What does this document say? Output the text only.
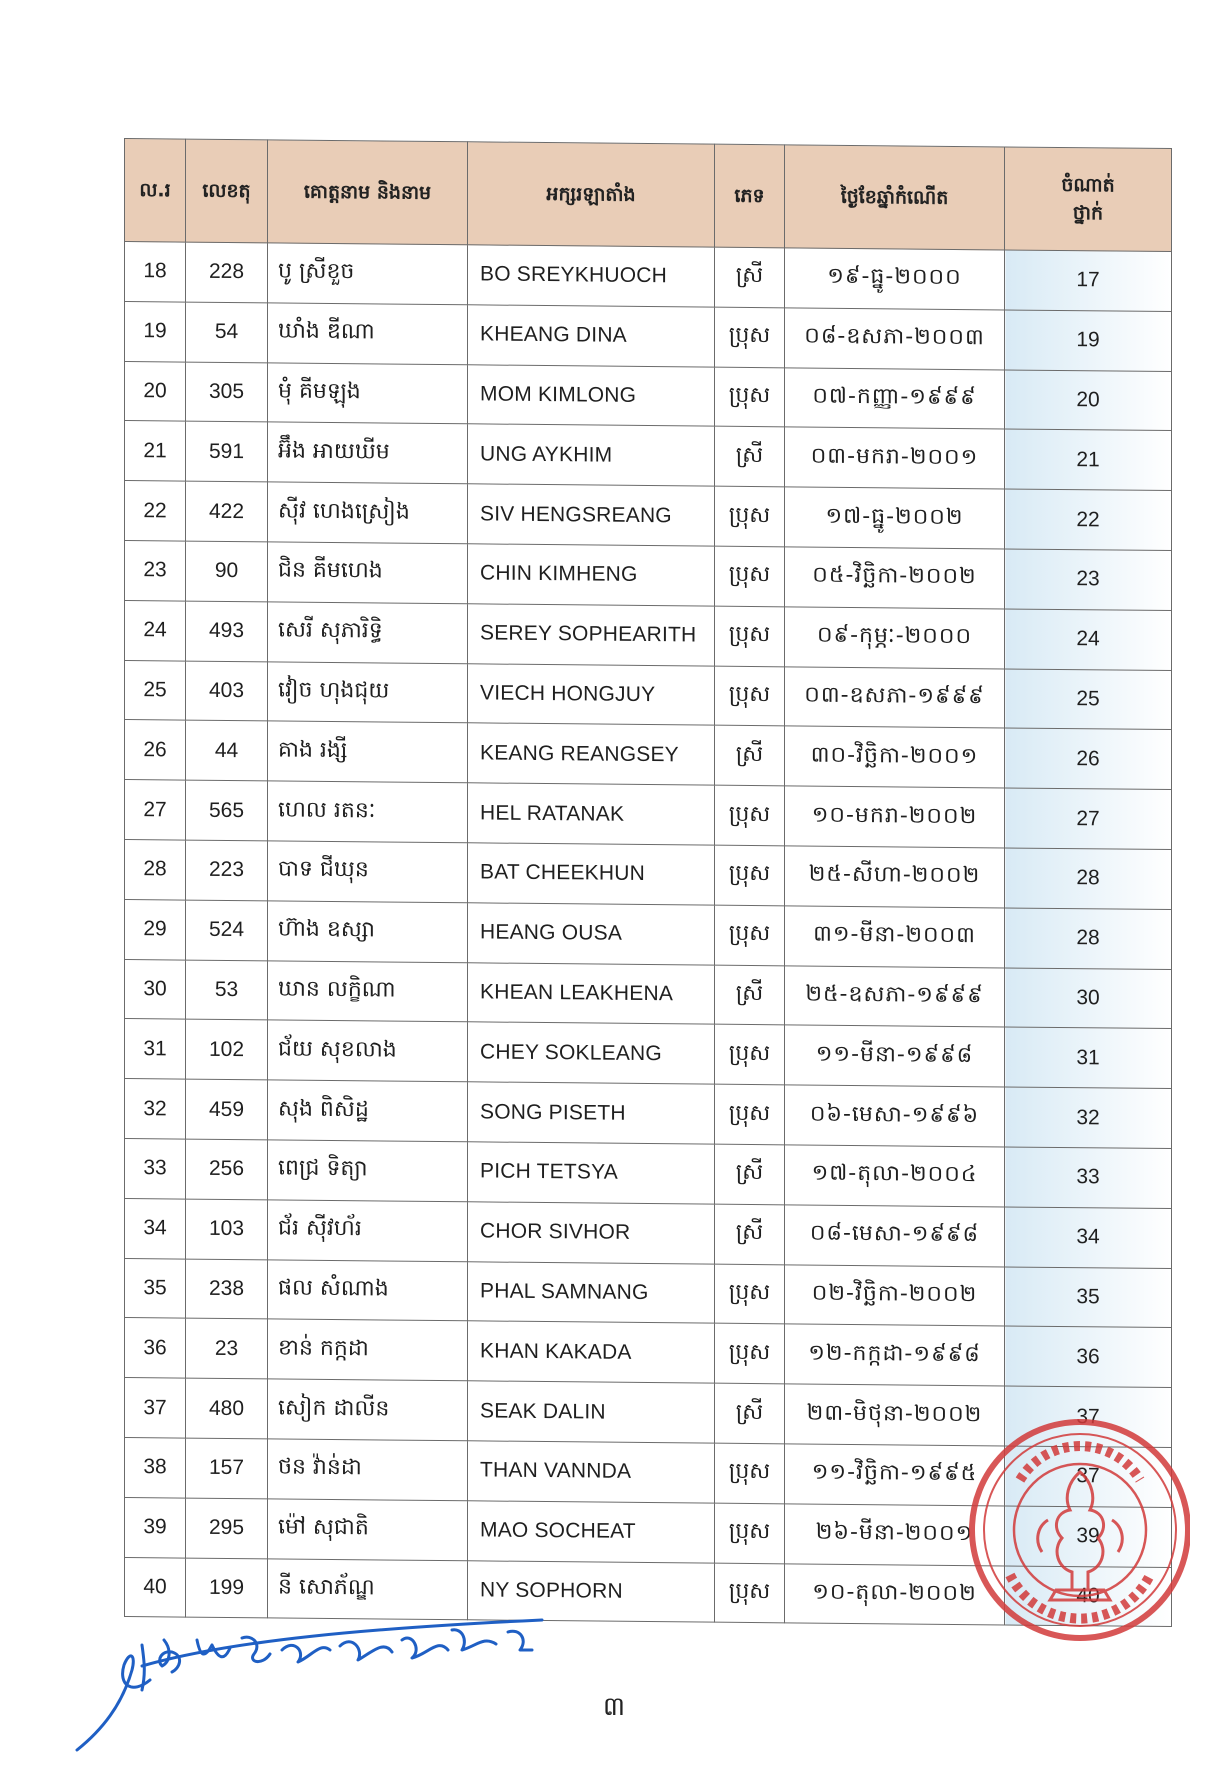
ល.រ	លេខតុ	គោត្តនាម និងនាម	អក្សរឡាតាំង	ភេទ	ថ្ងៃខែឆ្នាំកំណើត	ចំណាត់
ថ្នាក់

18	228	បូ ស្រីខួច	BO SREYKHUOCH	ស្រី	១៩-ធ្នូ-២០០០	17
19	54	ឃាំង ឌីណា	KHEANG DINA	ប្រុស	០៨-ឧសភា-២០០៣	19
20	305	មុំ គីមឡុង	MOM KIMLONG	ប្រុស	០៧-កញ្ញា-១៩៩៩	20
21	591	អ៊ឹង អាយឃីម	UNG AYKHIM	ស្រី	០៣-មករា-២០០១	21
22	422	ស៊ីវ ហេងស្រៀង	SIV HENGSREANG	ប្រុស	១៧-ធ្នូ-២០០២	22
23	90	ជិន គីមហេង	CHIN KIMHENG	ប្រុស	០៥-វិច្ឆិកា-២០០២	23
24	493	សេរី សុភារិទ្ធិ	SEREY SOPHEARITH	ប្រុស	០៩-កុម្ភៈ-២០០០	24
25	403	វៀច ហុងជុយ	VIECH HONGJUY	ប្រុស	០៣-ឧសភា-១៩៩៩	25
26	44	គាង រង្សី	KEANG REANGSEY	ស្រី	៣០-វិច្ឆិកា-២០០១	26
27	565	ហេល រតនៈ	HEL RATANAK	ប្រុស	១០-មករា-២០០២	27
28	223	បាទ ជីឃុន	BAT CHEEKHUN	ប្រុស	២៥-សីហា-២០០២	28
29	524	ហ៊ាង ឧស្សា	HEANG OUSA	ប្រុស	៣១-មីនា-២០០៣	28
30	53	ឃាន លក្ខិណា	KHEAN LEAKHENA	ស្រី	២៥-ឧសភា-១៩៩៩	30
31	102	ជ័យ សុខលាង	CHEY SOKLEANG	ប្រុស	១១-មីនា-១៩៩៨	31
32	459	សុង ពិសិដ្ឋ	SONG PISETH	ប្រុស	០៦-មេសា-១៩៩៦	32
33	256	ពេជ្រ ទិត្យា	PICH TETSYA	ស្រី	១៧-តុលា-២០០៤	33
34	103	ជ័រ ស៊ីវហ័រ	CHOR SIVHOR	ស្រី	០៨-មេសា-១៩៩៨	34
35	238	ផល សំណាង	PHAL SAMNANG	ប្រុស	០២-វិច្ឆិកា-២០០២	35
36	23	ខាន់ កក្កដា	KHAN KAKADA	ប្រុស	១២-កក្កដា-១៩៩៨	36
37	480	សៀក ដាលីន	SEAK DALIN	ស្រី	២៣-មិថុនា-២០០២	37
38	157	ថន វ៉ាន់ដា	THAN VANNDA	ប្រុស	១១-វិច្ឆិកា-១៩៩៥	37
39	295	ម៉ៅ សុជាតិ	MAO SOCHEAT	ប្រុស	២៦-មីនា-២០០១	39
40	199	នី សោភ័ណ្ឌ	NY SOPHORN	ប្រុស	១០-តុលា-២០០២	40
៣
